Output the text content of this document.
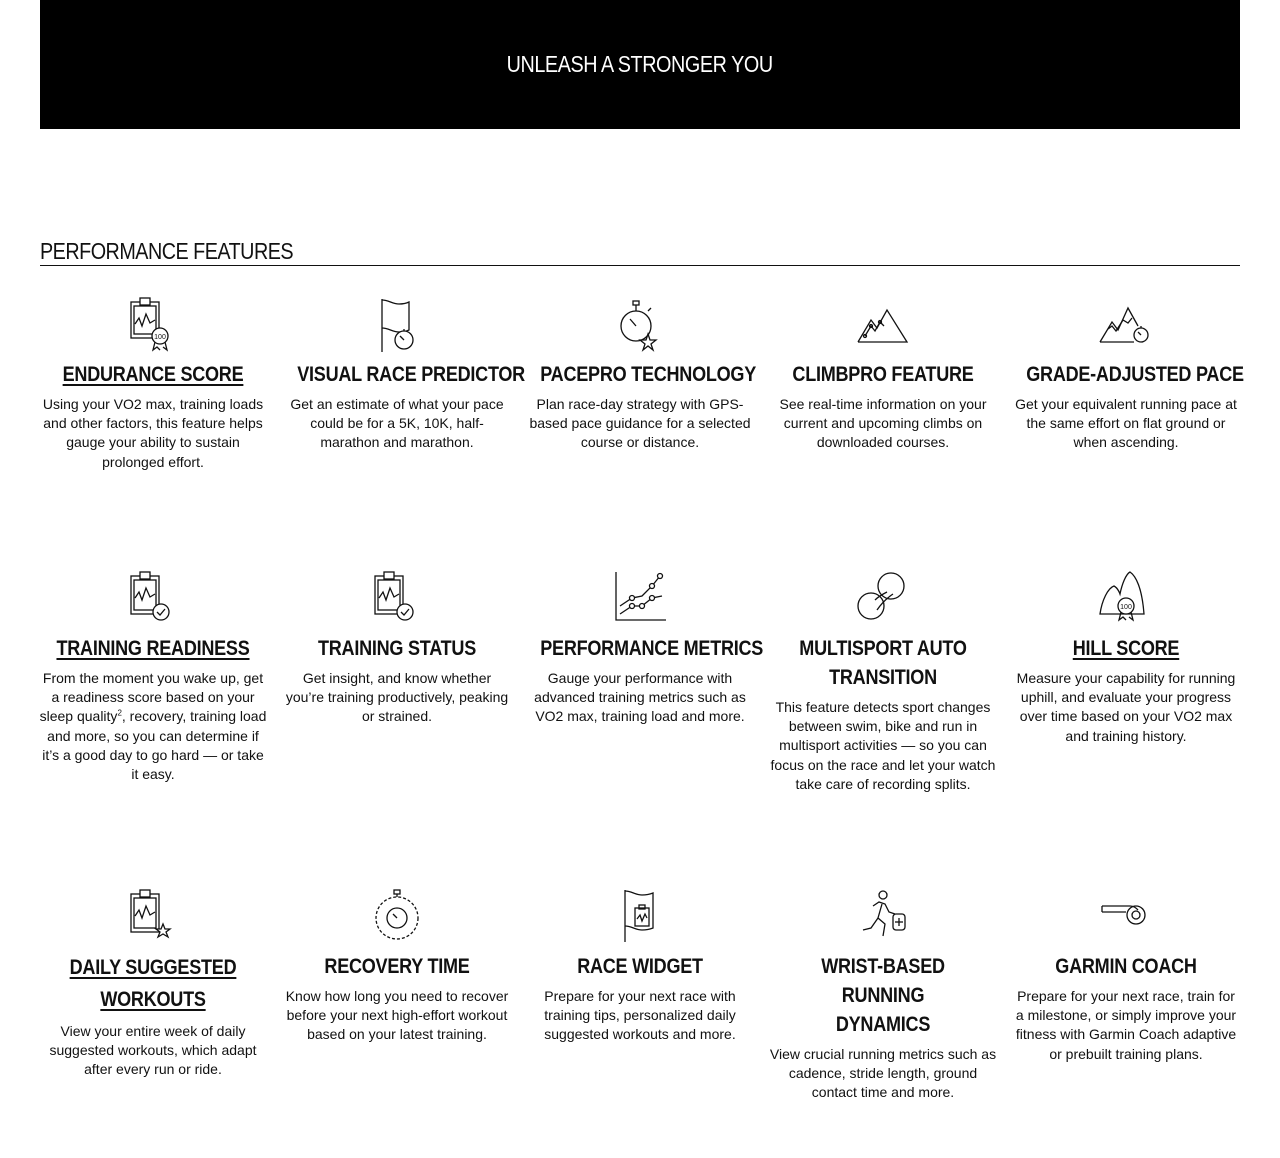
UNLEASH A STRONGER YOU
PERFORMANCE FEATURES
100
ENDURANCE SCORE
Using your VO2 max, training loads and other factors, this feature helps gauge your ability to sustain prolonged effort.
VISUAL RACE PREDICTOR
Get an estimate of what your pace could be for a 5K, 10K, half-marathon and marathon.
PACEPRO TECHNOLOGY
Plan race-day strategy with GPS-based pace guidance for a selected course or distance.
CLIMBPRO FEATURE
See real-time information on your current and upcoming climbs on downloaded courses.
GRADE-ADJUSTED PACE
Get your equivalent running pace at the same effort on flat ground or when ascending.
TRAINING READINESS
From the moment you wake up, get a readiness score based on your sleep quality$^2$, recovery, training load and more, so you can determine if it’s a good day to go hard — or take it easy.
TRAINING STATUS
Get insight, and know whether you’re training productively, peaking or strained.
PERFORMANCE METRICS
Gauge your performance with advanced training metrics such as VO2 max, training load and more.
MULTISPORT AUTO
TRANSITION
This feature detects sport changes between swim, bike and run in multisport activities — so you can focus on the race and let your watch take care of recording splits.
100
HILL SCORE
Measure your capability for running uphill, and evaluate your progress over time based on your VO2 max and training history.
DAILY SUGGESTED
WORKOUTS
View your entire week of daily suggested workouts, which adapt after every run or ride.
RECOVERY TIME
Know how long you need to recover before your next high-effort workout based on your latest training.
RACE WIDGET
Prepare for your next race with training tips, personalized daily suggested workouts and more.
WRIST-BASED RUNNING
DYNAMICS
View crucial running metrics such as cadence, stride length, ground contact time and more.
GARMIN COACH
Prepare for your next race, train for a milestone, or simply improve your fitness with Garmin Coach adaptive or prebuilt training plans.
